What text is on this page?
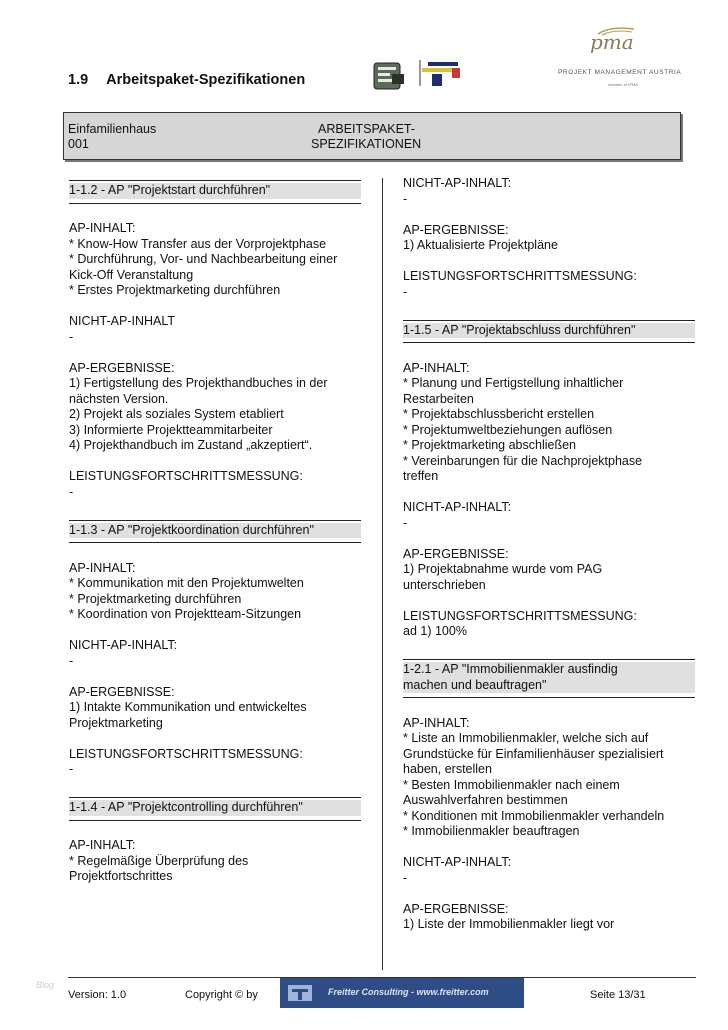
1.9 Arbeitspaket-Spezifikationen
pma
PROJEKT MANAGEMENT AUSTRIA
member of IPMA
Einfamilienhaus
001
ARBEITSPAKET-
SPEZIFIKATIONEN
1-1.2 - AP "Projektstart durchführen"
AP-INHALT:
* Know-How Transfer aus der Vorprojektphase
* Durchführung, Vor- und Nachbearbeitung einer
Kick-Off Veranstaltung
* Erstes Projektmarketing durchführen
NICHT-AP-INHALT
-
AP-ERGEBNISSE:
1) Fertigstellung des Projekthandbuches in der
nächsten Version.
2) Projekt als soziales System etabliert
3) Informierte Projektteammitarbeiter
4) Projekthandbuch im Zustand „akzeptiert“.
LEISTUNGSFORTSCHRITTSMESSUNG:
-
1-1.3 - AP "Projektkoordination durchführen"
AP-INHALT:
* Kommunikation mit den Projektumwelten
* Projektmarketing durchführen
* Koordination von Projektteam-Sitzungen
NICHT-AP-INHALT:
-
AP-ERGEBNISSE:
1) Intakte Kommunikation und entwickeltes
Projektmarketing
LEISTUNGSFORTSCHRITTSMESSUNG:
-
1-1.4 - AP "Projektcontrolling durchführen"
AP-INHALT:
* Regelmäßige Überprüfung des
Projektfortschrittes
NICHT-AP-INHALT:
-
AP-ERGEBNISSE:
1) Aktualisierte Projektpläne
LEISTUNGSFORTSCHRITTSMESSUNG:
-
1-1.5 - AP "Projektabschluss durchführen"
AP-INHALT:
* Planung und Fertigstellung inhaltlicher
Restarbeiten
* Projektabschlussbericht erstellen
* Projektumweltbeziehungen auflösen
* Projektmarketing abschließen
* Vereinbarungen für die Nachprojektphase
treffen
NICHT-AP-INHALT:
-
AP-ERGEBNISSE:
1) Projektabnahme wurde vom PAG
unterschrieben
LEISTUNGSFORTSCHRITTSMESSUNG:
ad 1) 100%
1-2.1 - AP "Immobilienmakler ausfindig
machen und beauftragen"
AP-INHALT:
* Liste an Immobilienmakler, welche sich auf
Grundstücke für Einfamilienhäuser spezialisiert
haben, erstellen
* Besten Immobilienmakler nach einem
Auswahlverfahren bestimmen
* Konditionen mit Immobilienmakler verhandeln
* Immobilienmakler beauftragen
NICHT-AP-INHALT:
-
AP-ERGEBNISSE:
1) Liste der Immobilienmakler liegt vor
Blog
Version: 1.0	Copyright © by	Freitter Consulting - www.freitter.com	Seite 13/31
